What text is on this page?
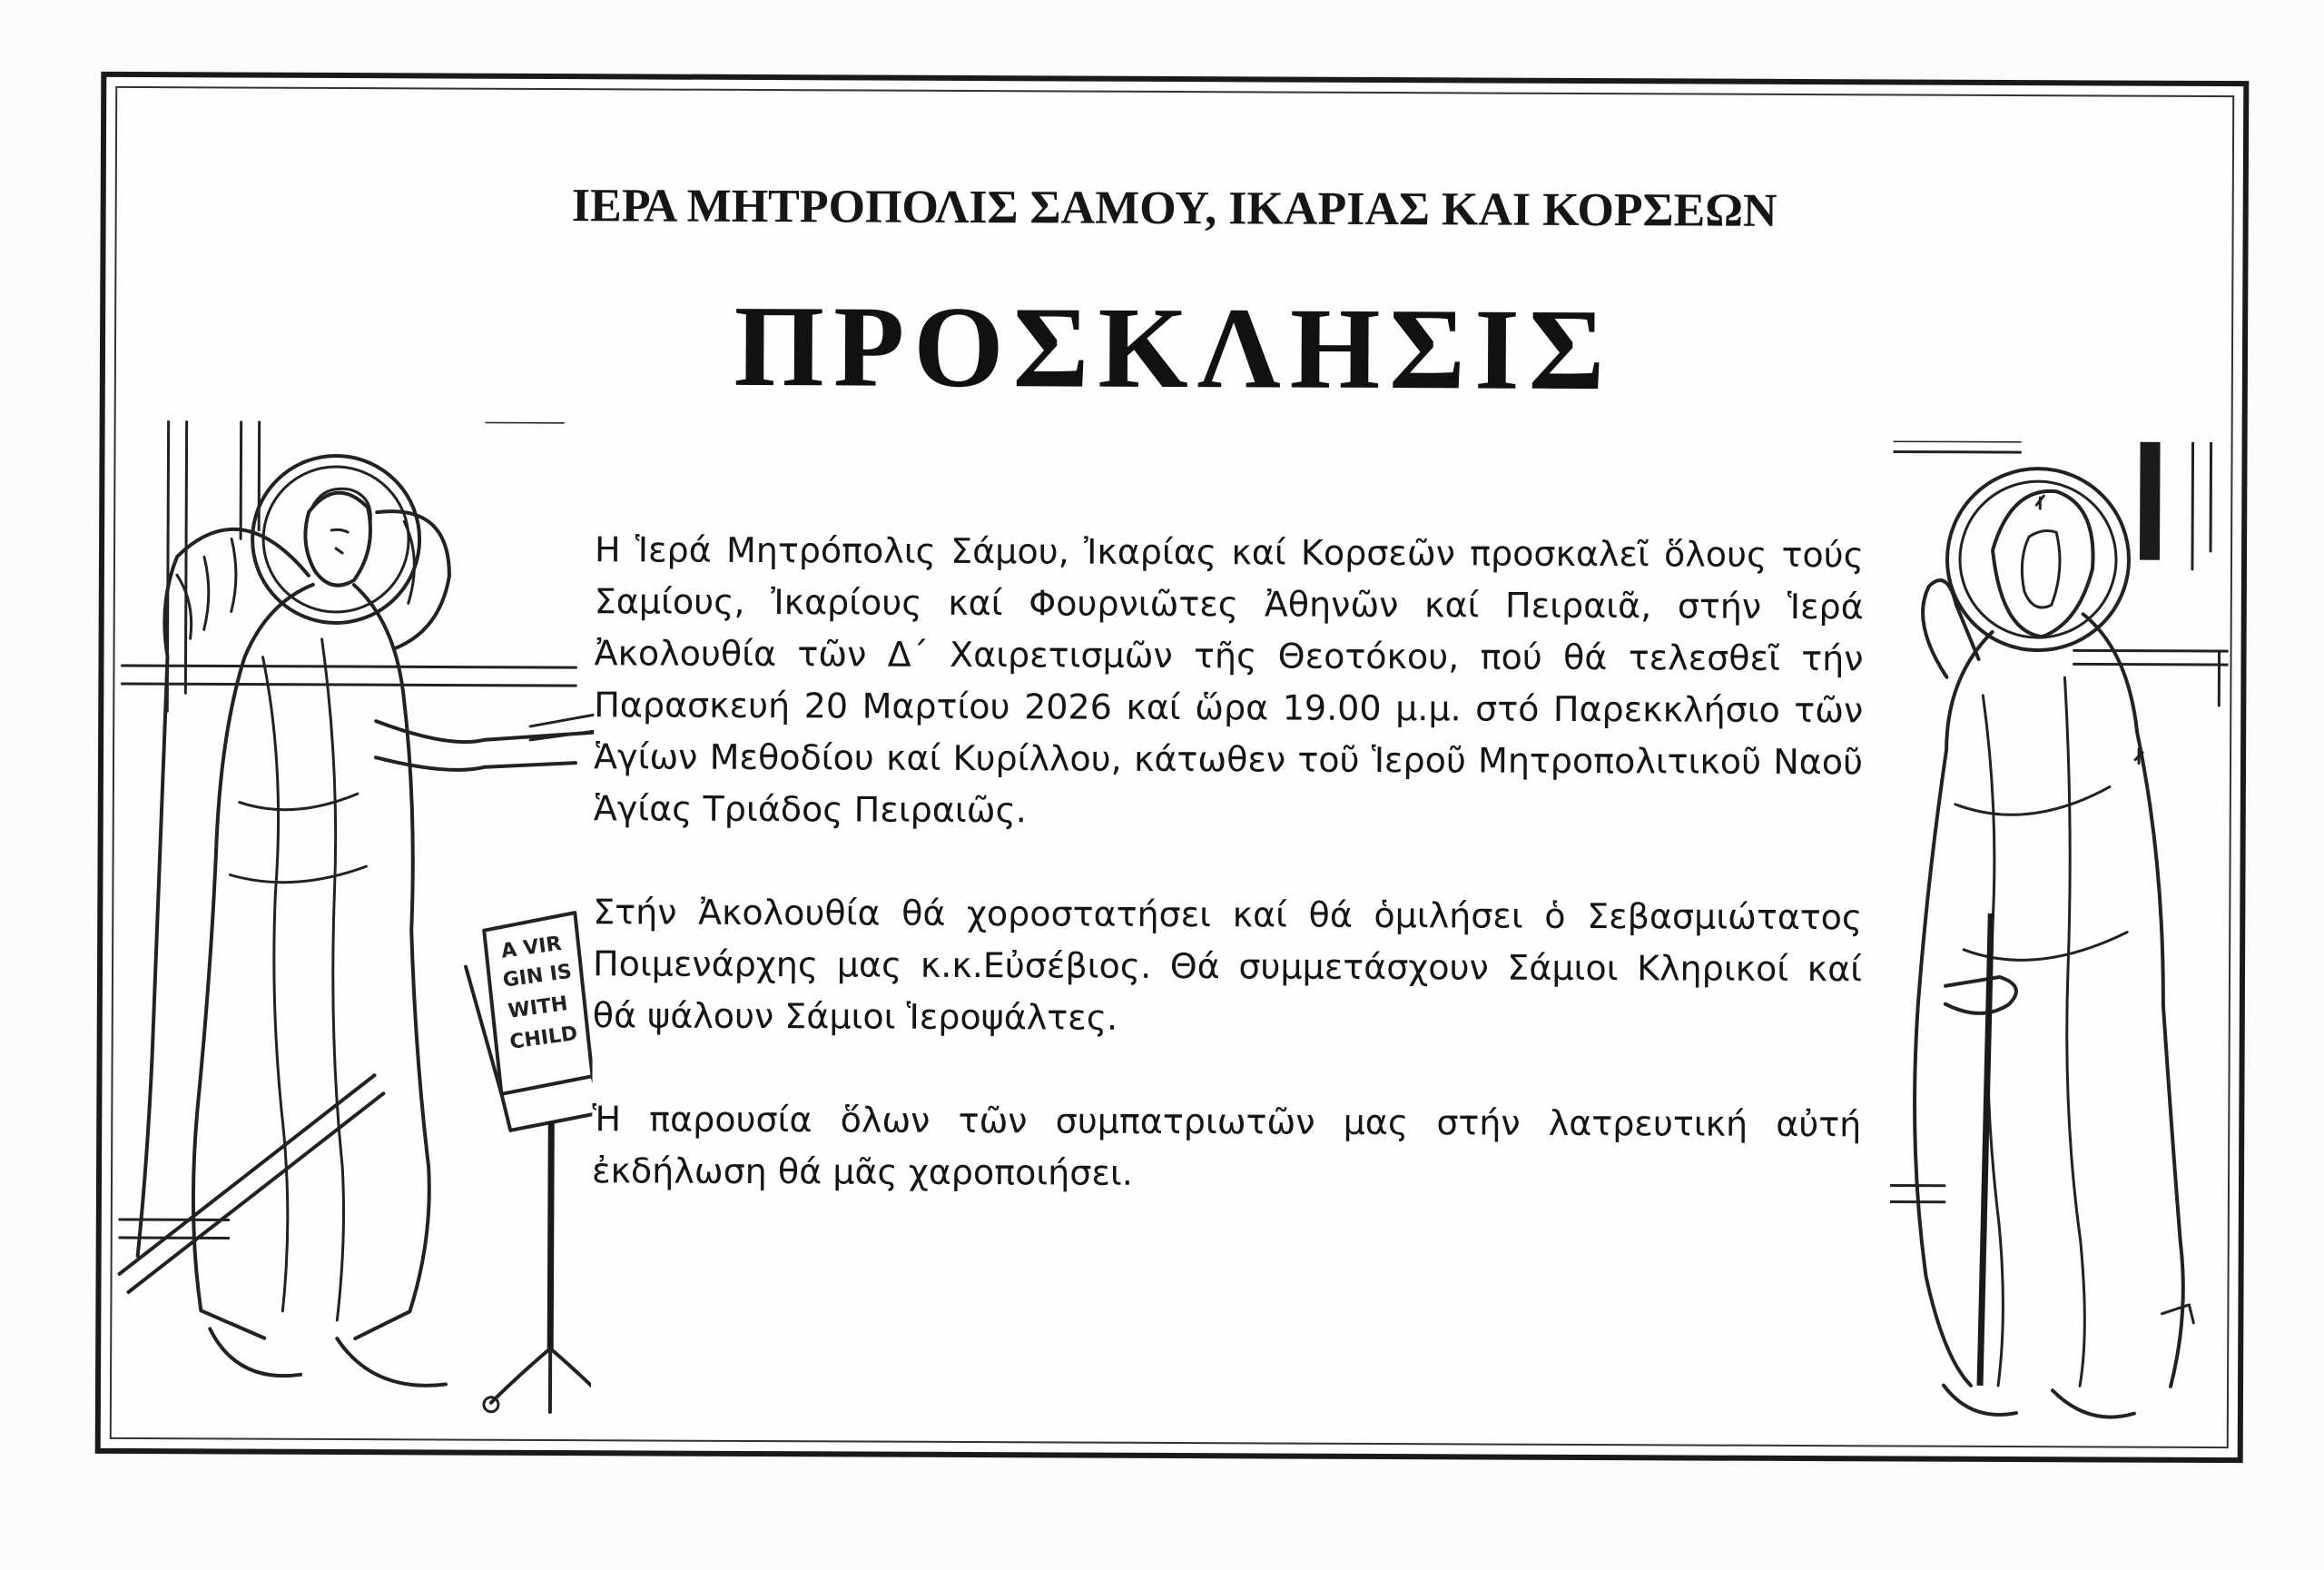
ΙΕΡΑ ΜΗΤΡΟΠΟΛΙΣ ΣΑΜΟΥ, ΙΚΑΡΙΑΣ ΚΑΙ ΚΟΡΣΕΩΝ
ΠΡΟΣΚΛΗΣΙΣ
A VIR
GIN IS
WITH
CHILD

Η Ἱερά Μητρόπολις Σάμου, Ἰκαρίας καί Κορσεῶν προσκαλεῖ ὅλους τούς Σαμίους, Ἰκαρίους καί Φουρνιῶτες Ἀθηνῶν καί Πειραιᾶ, στήν Ἱερά Ἀκολουθία τῶν Δ΄ Χαιρετισμῶν τῆς Θεοτόκου, πού θά τελεσθεῖ τήν Παρασκευή 20 Μαρτίου 2026 καί ὥρα 19.00 μ.μ. στό Παρεκκλήσιο τῶν Ἁγίων Μεθοδίου καί Κυρίλλου, κάτωθεν τοῦ Ἱεροῦ Μητροπολιτικοῦ Ναοῦ Ἁγίας Τριάδος Πειραιῶς.

Στήν Ἀκολουθία θά χοροστατήσει καί θά ὁμιλήσει ὁ Σεβασμιώτατος Ποιμενάρχης μας κ.κ.Εὐσέβιος. Θά συμμετάσχουν Σάμιοι Κληρικοί καί θά ψάλουν Σάμιοι Ἱεροψάλτες.

Ἡ παρουσία ὅλων τῶν συμπατριωτῶν μας στήν λατρευτική αὐτή ἐκδήλωση θά μᾶς χαροποιήσει.
